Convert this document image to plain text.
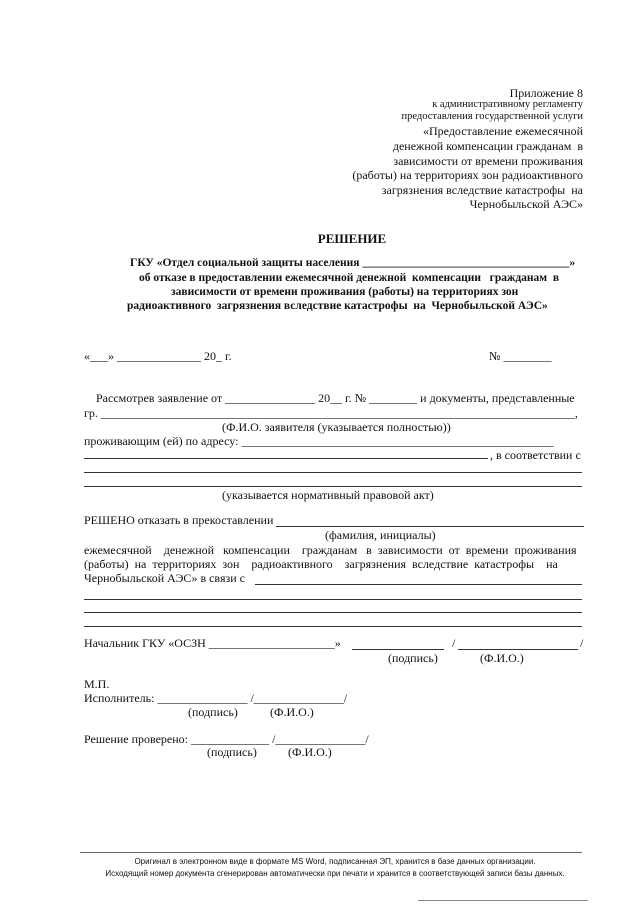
Приложение 8
к административному регламенту
предоставления государственной услуги
«Предоставление ежемесячной
денежной компенсации гражданам  в
зависимости от времени проживания
(работы) на территориях зон радиоактивного
загрязнения вследствие катастрофы  на
Чернобыльской АЭС»
РЕШЕНИЕ
ГКУ «Отдел социальной защиты населения ____________________________________»
об отказе в предоставлении ежемесячной денежной  компенсации   гражданам  в
зависимости от времени проживания (работы) на территориях зон
радиоактивного  загрязнения вследствие катастрофы  на  Чернобыльской АЭС»
«___» ______________ 20_ г.	№ ________
Рассмотрев заявление от _______________ 20__ г. № ________ и документы, представленные
гр. _______________________________________________________________________________,
(Ф.И.О. заявителя (указывается полностью))
проживающим (ей) по адресу: ____________________________________________________
, в соответствии с
(указывается нормативный правовой акт)
РЕШЕНО отказать в прекоставлении
(фамилия, инициалы)
ежемесячной    денежной   компенсации    гражданам   в  зависимости  от  времени  проживания
(работы)  на  территориях  зон    радиоактивного    загрязнения  вследствие  катастрофы    на
Чернобыльской АЭС» в связи с
Начальник ГКУ «ОСЗН _____________________»	/	/
(подпись)	(Ф.И.О.)
М.П.
Исполнитель: _______________ /_______________/
(подпись)	(Ф.И.О.)
Решение проверено: _____________ /_______________/
(подпись)	(Ф.И.О.)
Оригинал в электронном виде в формате MS Word, подписанная ЭП, хранится в базе данных организации.
Исходящий номер документа сгенерирован автоматически при печати и хранится в соответствующей записи базы данных.
